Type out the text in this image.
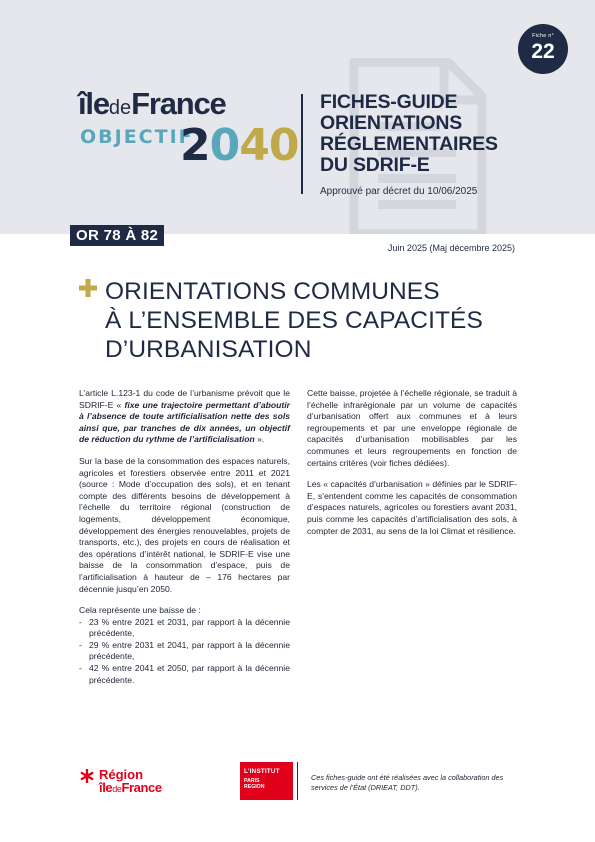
Fiche n°
22
îledeFrance
OBJECTIF
2040
FICHES-GUIDE
ORIENTATIONS
RÉGLEMENTAIRES
DU SDRIF-E
Approuvé par décret du 10/06/2025
OR 78 À 82
Juin 2025 (Maj décembre 2025)
ORIENTATIONS COMMUNES
À L’ENSEMBLE DES CAPACITÉS
D’URBANISATION

L’article L.123-1 du code de l’urbanisme prévoit que le SDRIF-E « fixe une trajectoire permettant d’aboutir à l’absence de toute artificialisation nette des sols ainsi que, par tranches de dix années, un objectif de réduction du rythme de l’artificialisation ».

Sur la base de la consommation des espaces naturels, agricoles et forestiers observée entre 2011 et 2021 (source : Mode d’occupation des sols), et en tenant compte des différents besoins de développement à l’échelle du territoire régional (construction de logements, développement économique, développement des énergies renouvelables, projets de transports, etc.), des projets en cours de réalisation et des opérations d’intérêt national, le SDRIF-E vise une baisse de la consommation d’espace, puis de l’artificialisation à hauteur de – 176 hectares par décennie jusqu’en 2050.

Cela représente une baisse de :

- 23 % entre 2021 et 2031, par rapport à la décennie précédente,
- 29 % entre 2031 et 2041, par rapport à la décennie précédente,
- 42 % entre 2041 et 2050, par rapport à la décennie précédente.

Cette baisse, projetée à l’échelle régionale, se traduit à l’échelle infrarégionale par un volume de capacités d’urbanisation offert aux communes et à leurs regroupements et par une enveloppe régionale de capacités d’urbanisation mobilisables par les communes et leurs regroupements en fonction de certains critères (voir fiches dédiées).

Les « capacités d’urbanisation » définies par le SDRIF-E, s’entendent comme les capacités de consommation d’espaces naturels, agricoles ou forestiers avant 2031, puis comme les capacités d’artificialisation des sols, à compter de 2031, au sens de la loi Climat et résilience.

Région
îledeFrance
L’INSTITUT
PARIS
REGION
Ces fiches-guide ont été réalisées avec la collaboration des services de l’État (DRIEAT, DDT).
